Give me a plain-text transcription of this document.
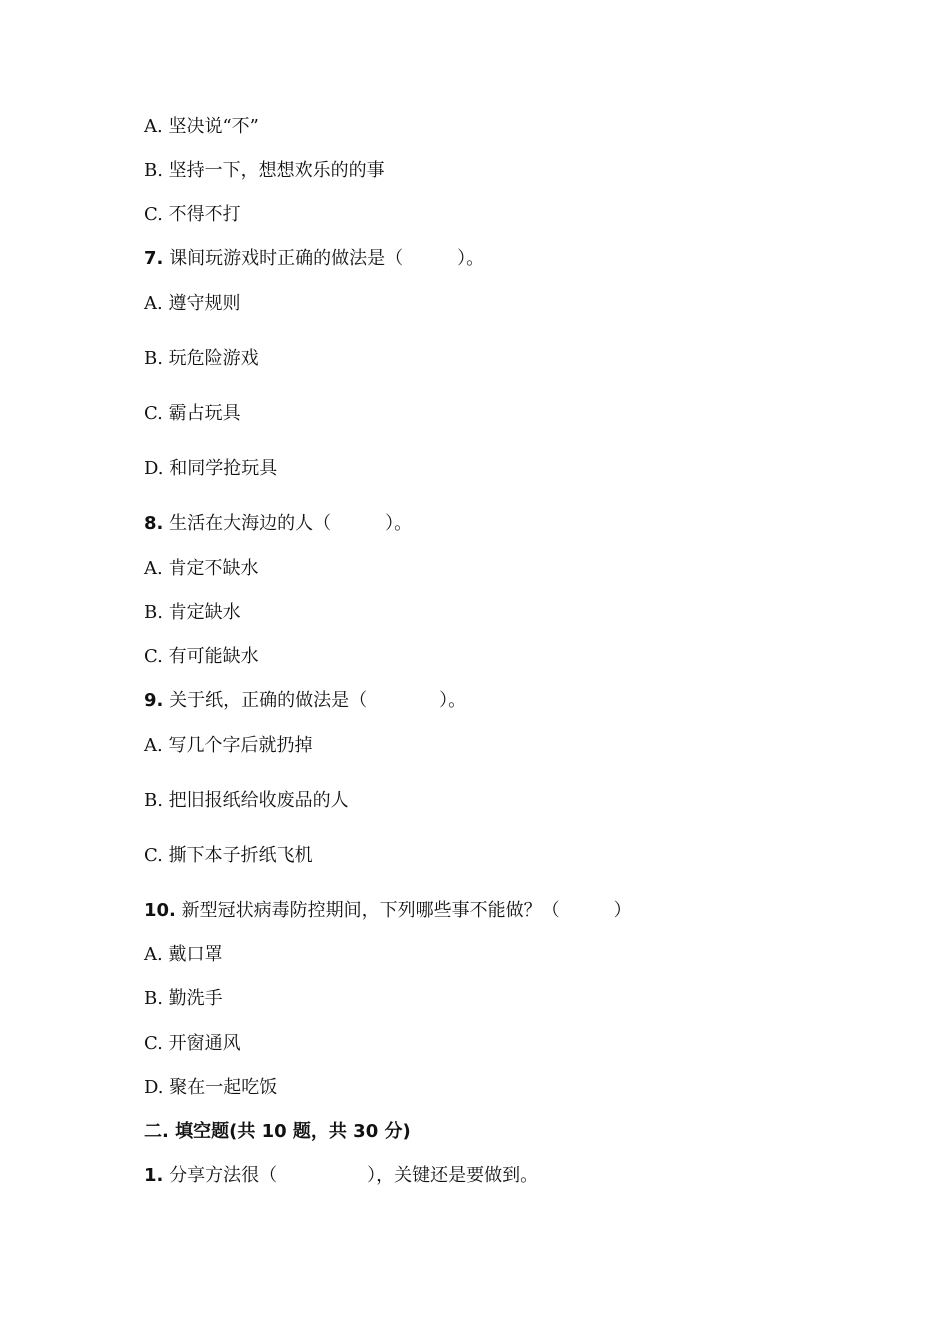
A. 坚决说“不”
B. 坚持一下，想想欢乐的的事
C. 不得不打
7. 课间玩游戏时正确的做法是（　　　）。
A. 遵守规则
B. 玩危险游戏
C. 霸占玩具
D. 和同学抢玩具
8. 生活在大海边的人（　　　）。
A. 肯定不缺水
B. 肯定缺水
C. 有可能缺水
9. 关于纸，正确的做法是（　　　　）。
A. 写几个字后就扔掉
B. 把旧报纸给收废品的人
C. 撕下本子折纸飞机
10. 新型冠状病毒防控期间，下列哪些事不能做？（　　　）
A. 戴口罩
B. 勤洗手
C. 开窗通风
D. 聚在一起吃饭
二. 填空题(共 10 题，共 30 分)
1. 分享方法很（　　　　　），关键还是要做到。
